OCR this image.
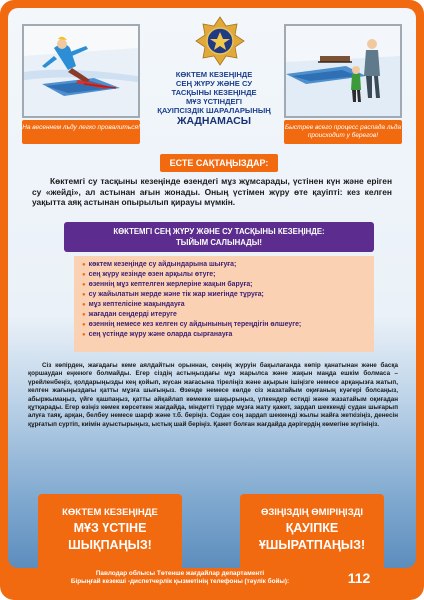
На весеннем льду легко провалиться!	Быстрее всего процесс распада льда происходит у берегов!
КӨКТЕМ КЕЗЕҢІНДЕ
СЕҢ ЖҮРУ ЖӘНЕ СУ
ТАСҚЫНЫ КЕЗЕҢІНДЕ
МҰЗ ҮСТІНДЕГІ
ҚАУІПСІЗДІК ШАРАЛАРЫНЫҢ
ЖАДНАМАСЫ
ЕСТЕ САҚТАҢЫЗДАР:

Көктемгі су тасқыны кезеңінде өзендегі мұз жұмсарады, үстінен күн және еріген су «жейді», ал астынан ағын жонады. Оның үстімен жүру өте қауіпті: кез келген уақытта аяқ астынан опырылып қирауы мүмкін.

КӨКТЕМГІ СЕҢ ЖҮРУ ЖӘНЕ СУ ТАСҚЫНЫ КЕЗЕҢІНДЕ:
ТЫЙЫМ САЛЫНАДЫ!
● көктем кезеңінде су айдындарына шығуға;
● сең жүру кезінде өзен арқылы өтуге;
● өзеннің мұз кептелген жерлеріне жақын баруға;
● су жайылатын жерде және тік жар жиегінде тұруға;
● мұз кептелісіне жақындауға
● жағадан сеңдерді итеруге
● өзеннің немесе кез келген су айдынының тереңдігін өлшеуге;
● сең үстінде жүру және оларда сырғанауға

Сіз көпірден, жағадағы кеме аялдайтын орыннан, сеңнің жүруін бақылағанда көпір қанатынан және басқа қоршаудан еңкеюге болмайды. Егер сіздің астыңыздағы мұз жарылса және жақын маңда ешкім болмаса – үрейленбеңіз, қолдарыңызды кең қойып, жүсан жағасына тіреліңіз және ақырын ішіңізге немесе арқаңызға жатып, келген жағыңыздағы қатты мұзға шығыңыз. Өзенде немесе көлде сіз жазатайым оқиғаның куәгері болсаңыз, абыржымаңыз, үйге қашпаңыз, қатты айқайлап көмекке шақырыңыз, үлкендер естиді және жазатайым оқиғадан құтқарады. Егер өзіңіз көмек көрсеткен жағдайда, міндетті түрде мұзға жату қажет, зардап шеккенді судан шығарып алуға таяқ, арқан, белбеу немесе шарф және т.б. беріңіз. Содан соң зардап шеккенді жылы жайға жеткізіңіз, денесін құрғатып суртіп, киімін ауыстырыңыз, ыстық шай беріңіз. Қажет болған жағдайда дәрігердің көмегіне жүгініңіз.

КӨКТЕМ КЕЗЕҢІНДЕ
МҰЗ ҮСТІНЕ
ШЫҚПАҢЫЗ!
ӨЗІҢІЗДІҢ ӨМІРІҢІЗДІ
ҚАУІПКЕ
ҰШЫРАТПАҢЫЗ!
Павлодар облысы Төтенше жағдайлар департаменті
Бірыңғай кезекші -диспетчерлік қызметінің телефоны (тәулік бойы):	112
